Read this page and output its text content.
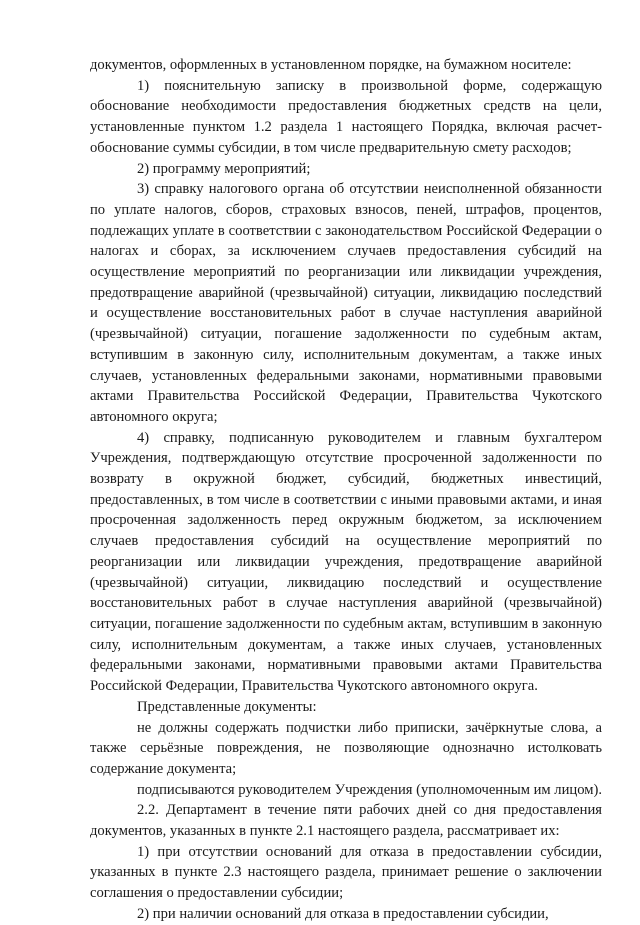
документов, оформленных в установленном порядке, на бумажном носителе:

1) пояснительную записку в произвольной форме, содержащую обоснование необходимости предоставления бюджетных средств на цели, установленные пунктом 1.2 раздела 1 настоящего Порядка, включая расчет-обоснование суммы субсидии, в том числе предварительную смету расходов;

2) программу мероприятий;

3) справку налогового органа об отсутствии неисполненной обязанности по уплате налогов, сборов, страховых взносов, пеней, штрафов, процентов, подлежащих уплате в соответствии с законодательством Российской Федерации о налогах и сборах, за исключением случаев предоставления субсидий на осуществление мероприятий по реорганизации или ликвидации учреждения, предотвращение аварийной (чрезвычайной) ситуации, ликвидацию последствий и осуществление восстановительных работ в случае наступления аварийной (чрезвычайной) ситуации, погашение задолженности по судебным актам, вступившим в законную силу, исполнительным документам, а также иных случаев, установленных федеральными законами, нормативными правовыми актами Правительства Российской Федерации, Правительства Чукотского автономного округа;

4) справку, подписанную руководителем и главным бухгалтером Учреждения, подтверждающую отсутствие просроченной задолженности по возврату в окружной бюджет, субсидий, бюджетных инвестиций, предоставленных, в том числе в соответствии с иными правовыми актами, и иная просроченная задолженность перед окружным бюджетом, за исключением случаев предоставления субсидий на осуществление мероприятий по реорганизации или ликвидации учреждения, предотвращение аварийной (чрезвычайной) ситуации, ликвидацию последствий и осуществление восстановительных работ в случае наступления аварийной (чрезвычайной) ситуации, погашение задолженности по судебным актам, вступившим в законную силу, исполнительным документам, а также иных случаев, установленных федеральными законами, нормативными правовыми актами Правительства Российской Федерации, Правительства Чукотского автономного округа.

Представленные документы:

не должны содержать подчистки либо приписки, зачёркнутые слова, а также серьёзные повреждения, не позволяющие однозначно истолковать содержание документа;

подписываются руководителем Учреждения (уполномоченным им лицом).

2.2. Департамент в течение пяти рабочих дней со дня предоставления документов, указанных в пункте 2.1 настоящего раздела, рассматривает их:

1) при отсутствии оснований для отказа в предоставлении субсидии, указанных в пункте 2.3 настоящего раздела, принимает решение о заключении соглашения о предоставлении субсидии;

2) при наличии оснований для отказа в предоставлении субсидии,
